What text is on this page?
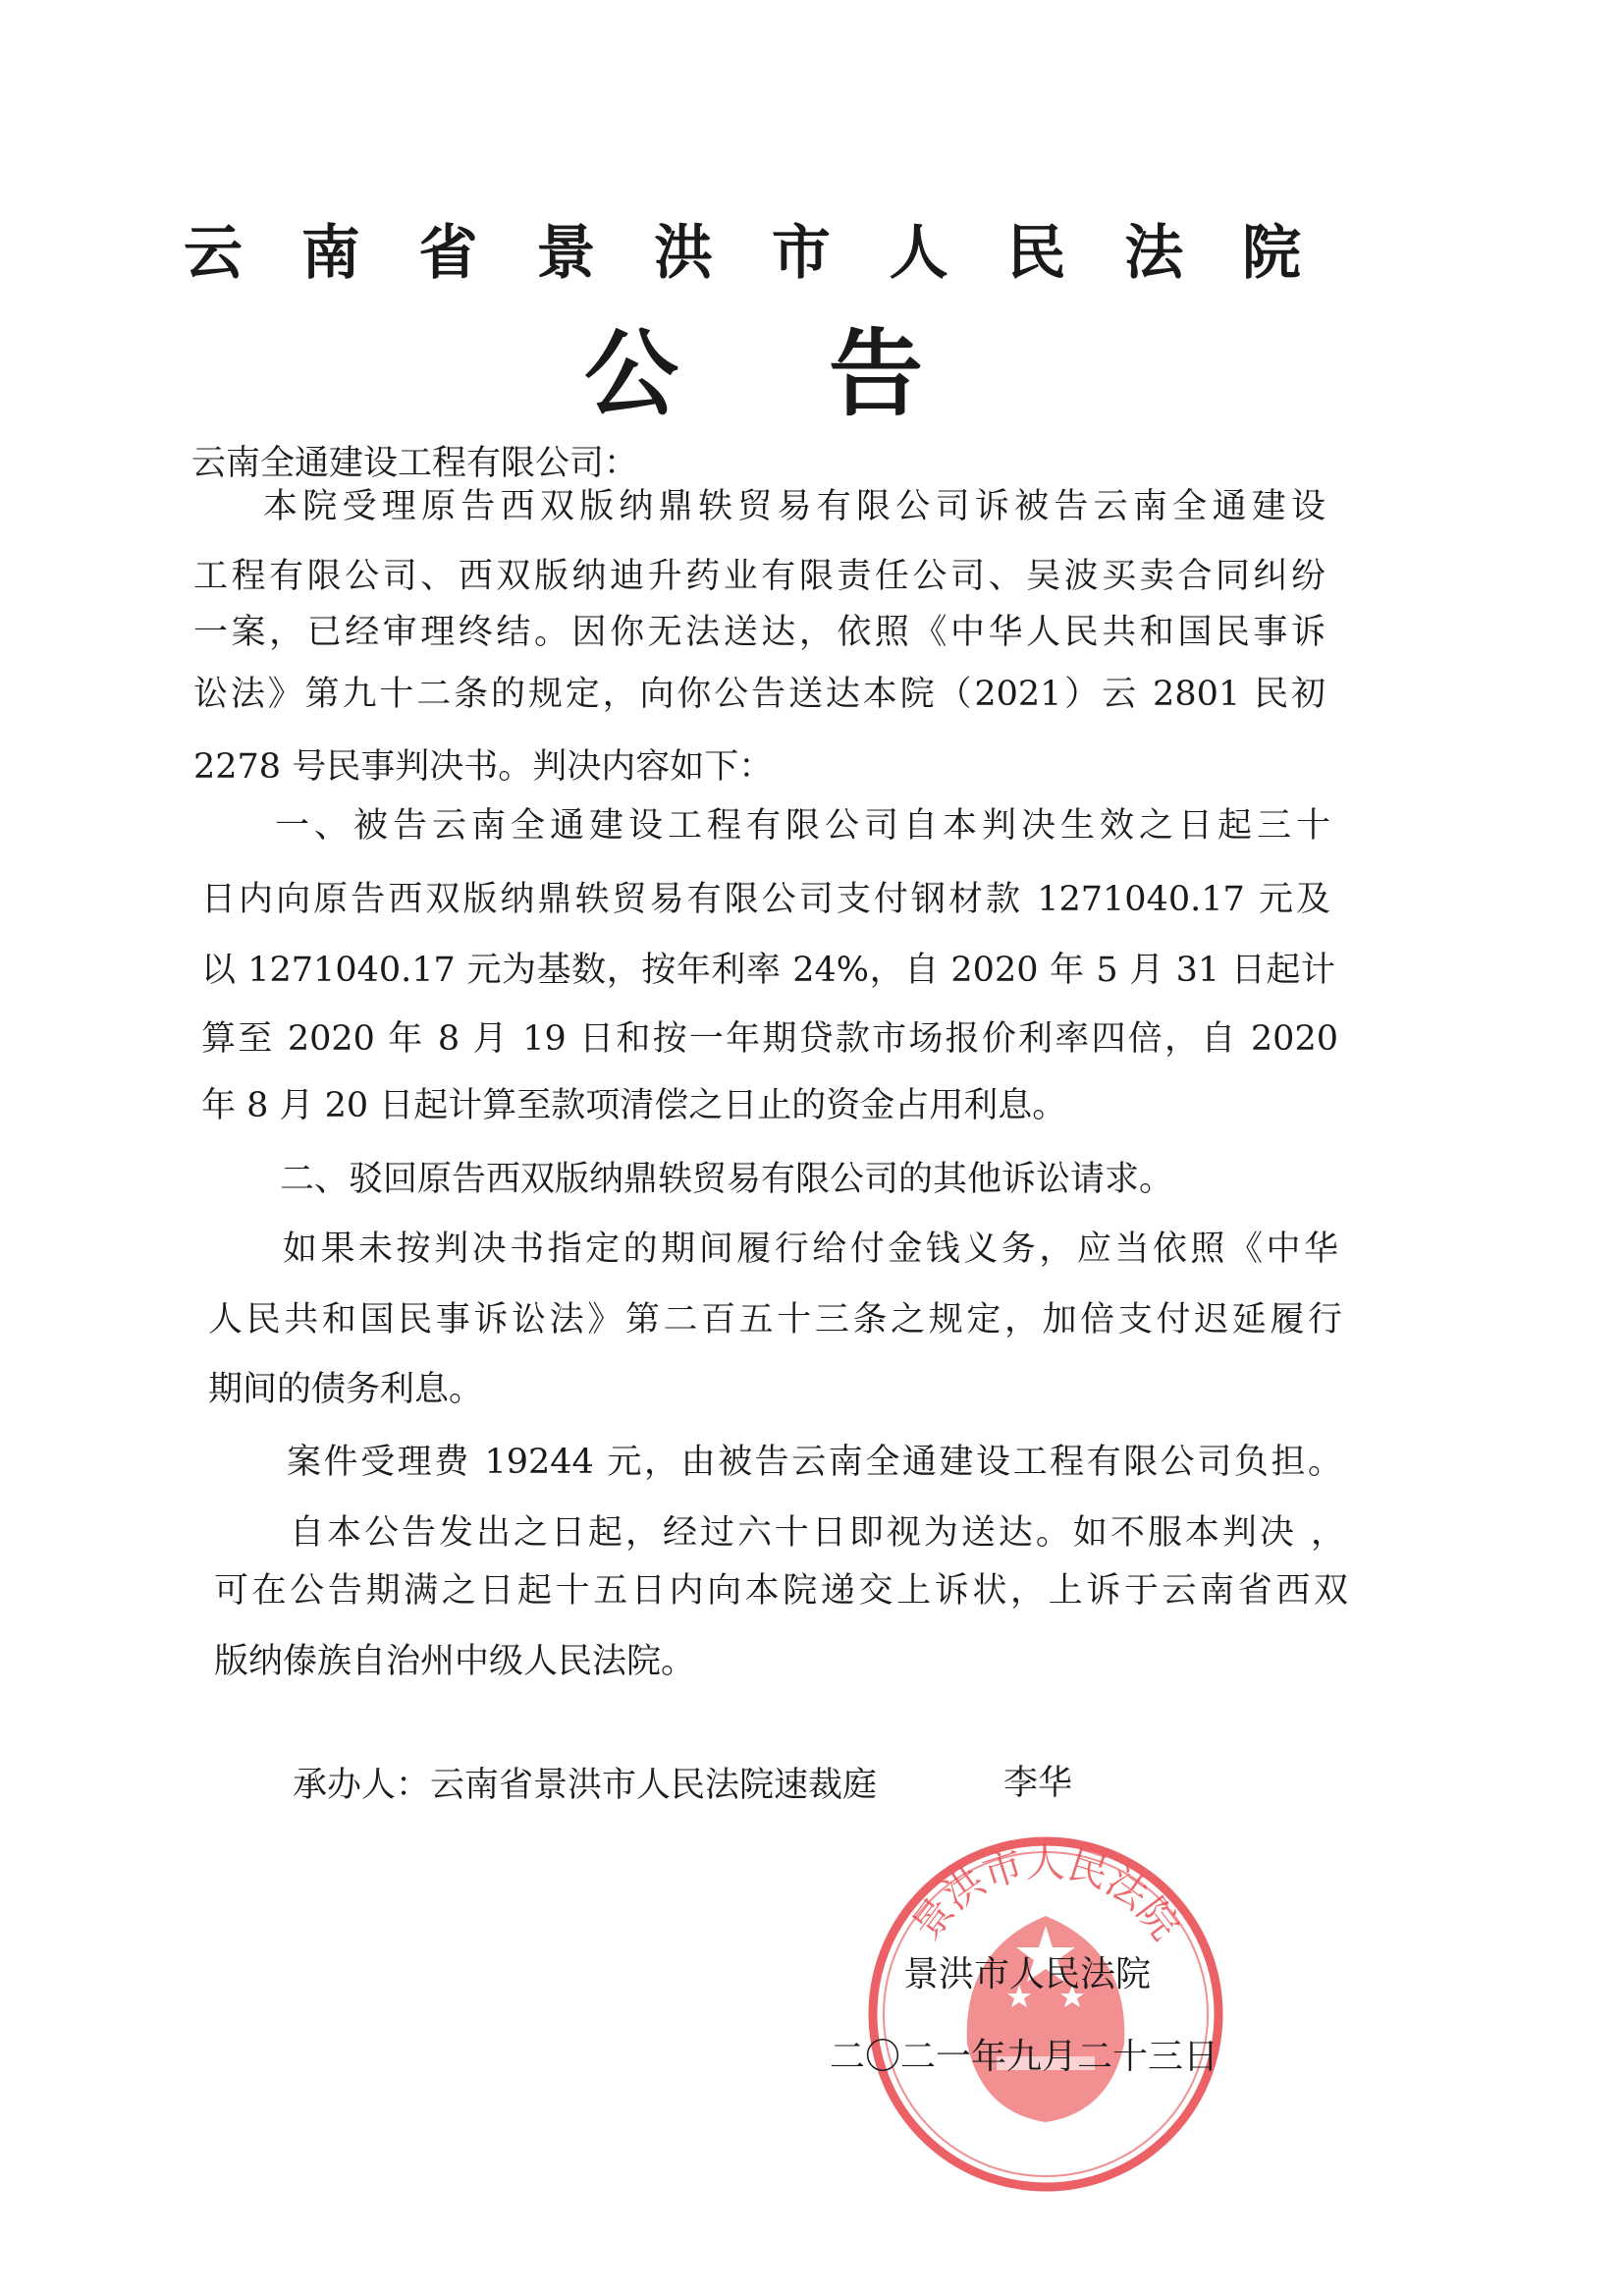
云南省景洪市人民法院
公告
云南全通建设工程有限公司：
本院受理原告西双版纳鼎轶贸易有限公司诉被告云南全通建设
工程有限公司、西双版纳迪升药业有限责任公司、吴波买卖合同纠纷
一案，已经审理终结。因你无法送达，依照《中华人民共和国民事诉
讼法》第九十二条的规定，向你公告送达本院（2021）云 2801 民初
2278 号民事判决书。判决内容如下：
一、被告云南全通建设工程有限公司自本判决生效之日起三十
日内向原告西双版纳鼎轶贸易有限公司支付钢材款 1271040.17 元及
以 1271040.17 元为基数，按年利率 24%，自 2020 年 5 月 31 日起计
算至 2020 年 8 月 19 日和按一年期贷款市场报价利率四倍，自 2020
年 8 月 20 日起计算至款项清偿之日止的资金占用利息。
二、驳回原告西双版纳鼎轶贸易有限公司的其他诉讼请求。
如果未按判决书指定的期间履行给付金钱义务，应当依照《中华
人民共和国民事诉讼法》第二百五十三条之规定，加倍支付迟延履行
期间的债务利息。
案件受理费 19244 元，由被告云南全通建设工程有限公司负担。
自本公告发出之日起，经过六十日即视为送达。如不服本判决 ，
可在公告期满之日起十五日内向本院递交上诉状，上诉于云南省西双
版纳傣族自治州中级人民法院。
承办人：云南省景洪市人民法院速裁庭	李华
景洪市人民法院
景洪市人民法院
二〇二一年九月二十三日
